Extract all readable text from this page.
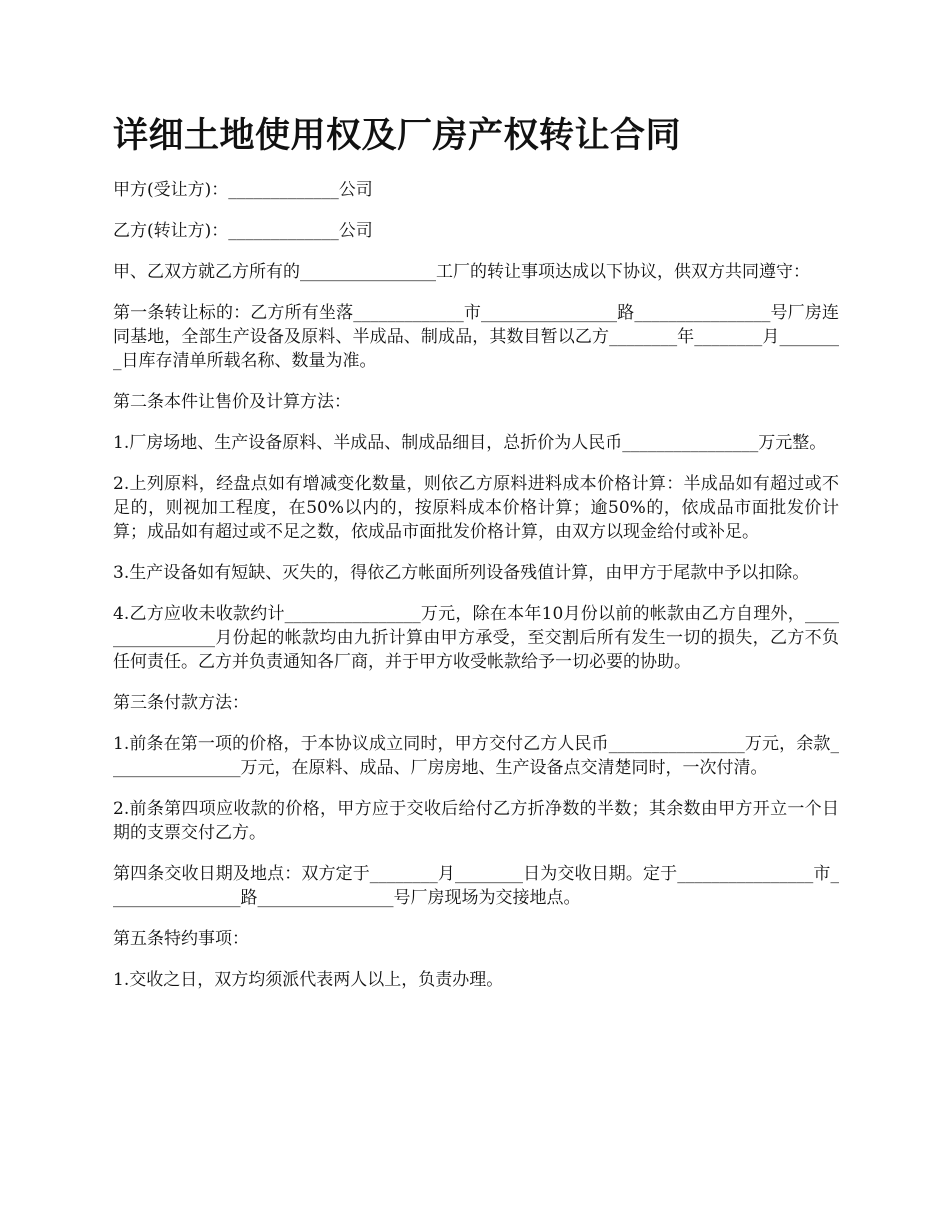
详细土地使用权及厂房产权转让合同

甲方(受让方)：_____________公司

乙方(转让方)：_____________公司

甲、乙双方就乙方所有的________________工厂的转让事项达成以下协议，供双方共同遵守：

第一条转让标的：乙方所有坐落_____________市________________路________________号厂房连同基地，全部生产设备及原料、半成品、制成品，其数目暂以乙方________年________月________日库存清单所载名称、数量为准。

第二条本件让售价及计算方法：

1.厂房场地、生产设备原料、半成品、制成品细目，总折价为人民币________________万元整。

2.上列原料，经盘点如有增减变化数量，则依乙方原料进料成本价格计算：半成品如有超过或不足的，则视加工程度，在50%以内的，按原料成本价格计算；逾50%的，依成品市面批发价计算；成品如有超过或不足之数，依成品市面批发价格计算，由双方以现金给付或补足。

3.生产设备如有短缺、灭失的，得依乙方帐面所列设备残值计算，由甲方于尾款中予以扣除。

4.乙方应收未收款约计________________万元，除在本年10月份以前的帐款由乙方自理外，________________月份起的帐款均由九折计算由甲方承受，至交割后所有发生一切的损失，乙方不负任何责任。乙方并负责通知各厂商，并于甲方收受帐款给予一切必要的协助。

第三条付款方法：

1.前条在第一项的价格，于本协议成立同时，甲方交付乙方人民币________________万元，余款________________万元，在原料、成品、厂房房地、生产设备点交清楚同时，一次付清。

2.前条第四项应收款的价格，甲方应于交收后给付乙方折净数的半数；其余数由甲方开立一个日期的支票交付乙方。

第四条交收日期及地点：双方定于________月________日为交收日期。定于________________市________________路________________号厂房现场为交接地点。

第五条特约事项：

1.交收之日，双方均须派代表两人以上，负责办理。
